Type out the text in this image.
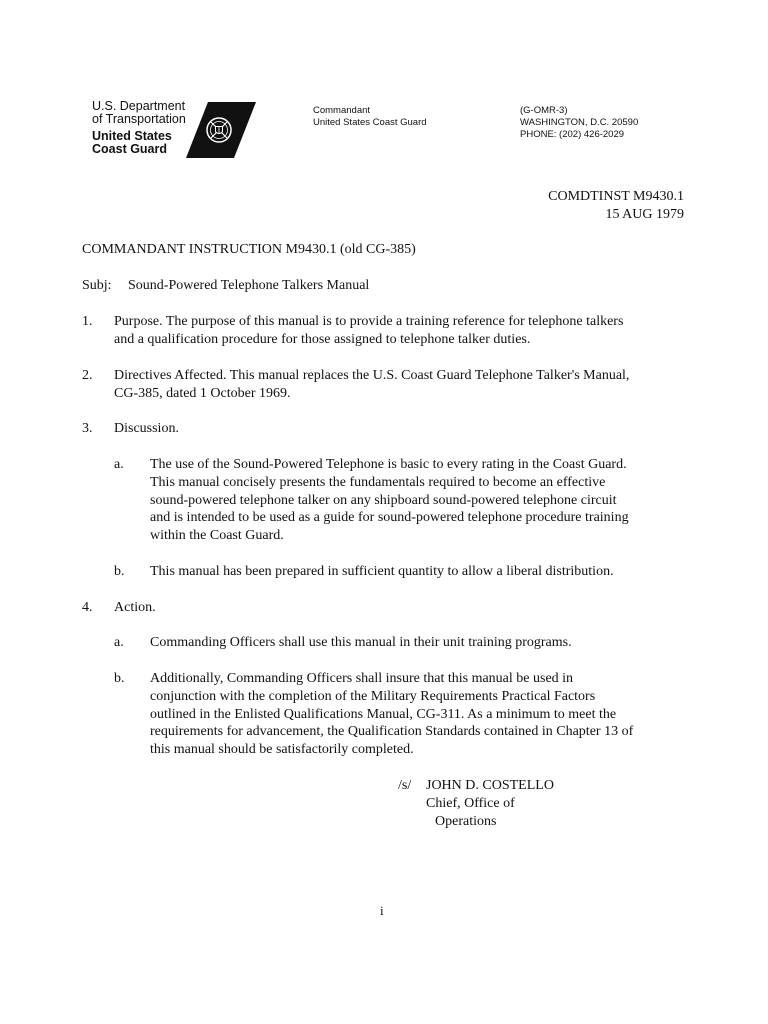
U.S. Department
of Transportation
United States
Coast Guard
Commandant
United States Coast Guard
(G-OMR-3)
WASHINGTON, D.C. 20590
PHONE: (202) 426-2029
COMDTINST M9430.1
15 AUG 1979
COMMANDANT INSTRUCTION M9430.1 (old CG-385)
Subj: Sound-Powered Telephone Talkers Manual
1. Purpose. The purpose of this manual is to provide a training reference for telephone talkers
and a qualification procedure for those assigned to telephone talker duties.
2. Directives Affected. This manual replaces the U.S. Coast Guard Telephone Talker's Manual,
CG-385, dated 1 October 1969.
3. Discussion.
a. The use of the Sound-Powered Telephone is basic to every rating in the Coast Guard.
This manual concisely presents the fundamentals required to become an effective
sound-powered telephone talker on any shipboard sound-powered telephone circuit
and is intended to be used as a guide for sound-powered telephone procedure training
within the Coast Guard.
b. This manual has been prepared in sufficient quantity to allow a liberal distribution.
4. Action.
a. Commanding Officers shall use this manual in their unit training programs.
b. Additionally, Commanding Officers shall insure that this manual be used in
conjunction with the completion of the Military Requirements Practical Factors
outlined in the Enlisted Qualifications Manual, CG-311. As a minimum to meet the
requirements for advancement, the Qualification Standards contained in Chapter 13 of
this manual should be satisfactorily completed.
/s/ JOHN D. COSTELLO
Chief, Office of
Operations
i
